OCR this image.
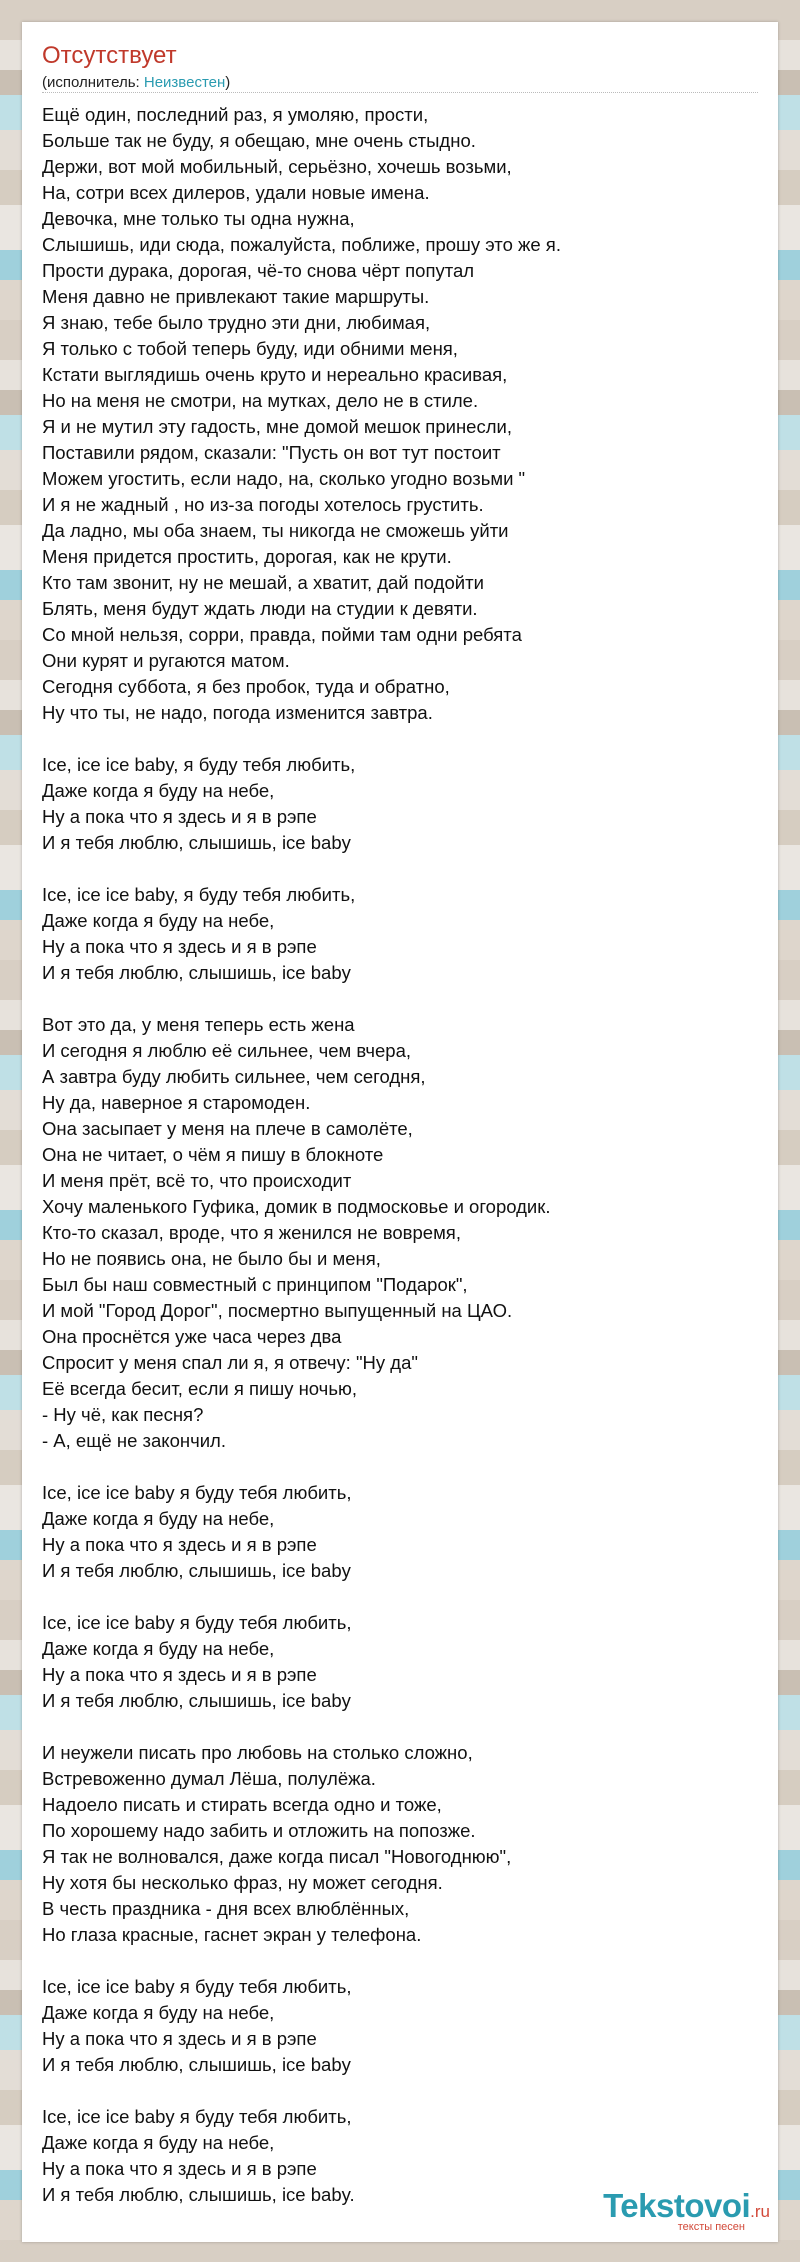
Отсутствует
(исполнитель: Неизвестен)
Ещё один, последний раз, я умоляю, прости,
Больше так не буду, я обещаю, мне очень стыдно.
Держи, вот мой мобильный, серьёзно, хочешь возьми,
На, сотри всех дилеров, удали новые имена.
Девочка, мне только ты одна нужна,
Слышишь, иди сюда, пожалуйста, поближе, прошу это же я.
Прости дурака, дорогая, чё-то снова чёрт попутал
Меня давно не привлекают такие маршруты.
Я знаю, тебе было трудно эти дни, любимая,
Я только с тобой теперь буду, иди обними меня,
Кстати выглядишь очень круто и нереально красивая,
Но на меня не смотри, на мутках, дело не в стиле.
Я и не мутил эту гадость, мне домой мешок принесли,
Поставили рядом, сказали: "Пусть он вот тут постоит
Можем угостить, если надо, на, сколько угодно возьми "
И я не жадный , но из-за погоды хотелось грустить.
Да ладно, мы оба знаем, ты никогда не сможешь уйти
Меня придется простить, дорогая, как не крути.
Кто там звонит, ну не мешай, а хватит, дай подойти
Блять, меня будут ждать люди на студии к девяти.
Со мной нельзя, сорри, правда, пойми там одни ребята
Они курят и ругаются матом.
Сегодня суббота, я без пробок, туда и обратно,
Ну что ты, не надо, погода изменится завтра.
Ice, ice ice baby, я буду тебя любить,
Даже когда я буду на небе,
Ну а пока что я здесь и я в рэпе
И я тебя люблю, слышишь, ice baby
Ice, ice ice baby, я буду тебя любить,
Даже когда я буду на небе,
Ну а пока что я здесь и я в рэпе
И я тебя люблю, слышишь, ice baby
Вот это да, у меня теперь есть жена
И сегодня я люблю её сильнее, чем вчера,
А завтра буду любить сильнее, чем сегодня,
Ну да, наверное я старомоден.
Она засыпает у меня на плече в самолёте,
Она не читает, о чём я пишу в блокноте
И меня прёт, всё то, что происходит
Хочу маленького Гуфика, домик в подмосковье и огородик.
Кто-то сказал, вроде, что я женился не вовремя,
Но не появись она, не было бы и меня,
Был бы наш совместный с принципом "Подарок",
И мой "Город Дорог", посмертно выпущенный на ЦАО.
Она проснётся уже часа через два
Спросит у меня спал ли я, я отвечу: "Ну да"
Её всегда бесит, если я пишу ночью,
- Ну чё, как песня?
- А, ещё не закончил.
Ice, ice ice baby я буду тебя любить,
Даже когда я буду на небе,
Ну а пока что я здесь и я в рэпе
И я тебя люблю, слышишь, ice baby
Ice, ice ice baby я буду тебя любить,
Даже когда я буду на небе,
Ну а пока что я здесь и я в рэпе
И я тебя люблю, слышишь, ice baby
И неужели писать про любовь на столько сложно,
Встревоженно думал Лёша, полулёжа.
Надоело писать и стирать всегда одно и тоже,
По хорошему надо забить и отложить на попозже.
Я так не волновался, даже когда писал "Новогоднюю",
Ну хотя бы несколько фраз, ну может сегодня.
В честь праздника - дня всех влюблённых,
Но глаза красные, гаснет экран у телефона.
Ice, ice ice baby я буду тебя любить,
Даже когда я буду на небе,
Ну а пока что я здесь и я в рэпе
И я тебя люблю, слышишь, ice baby
Ice, ice ice baby я буду тебя любить,
Даже когда я буду на небе,
Ну а пока что я здесь и я в рэпе
И я тебя люблю, слышишь, ice baby.	Tekstovoi.ru
тексты песен
